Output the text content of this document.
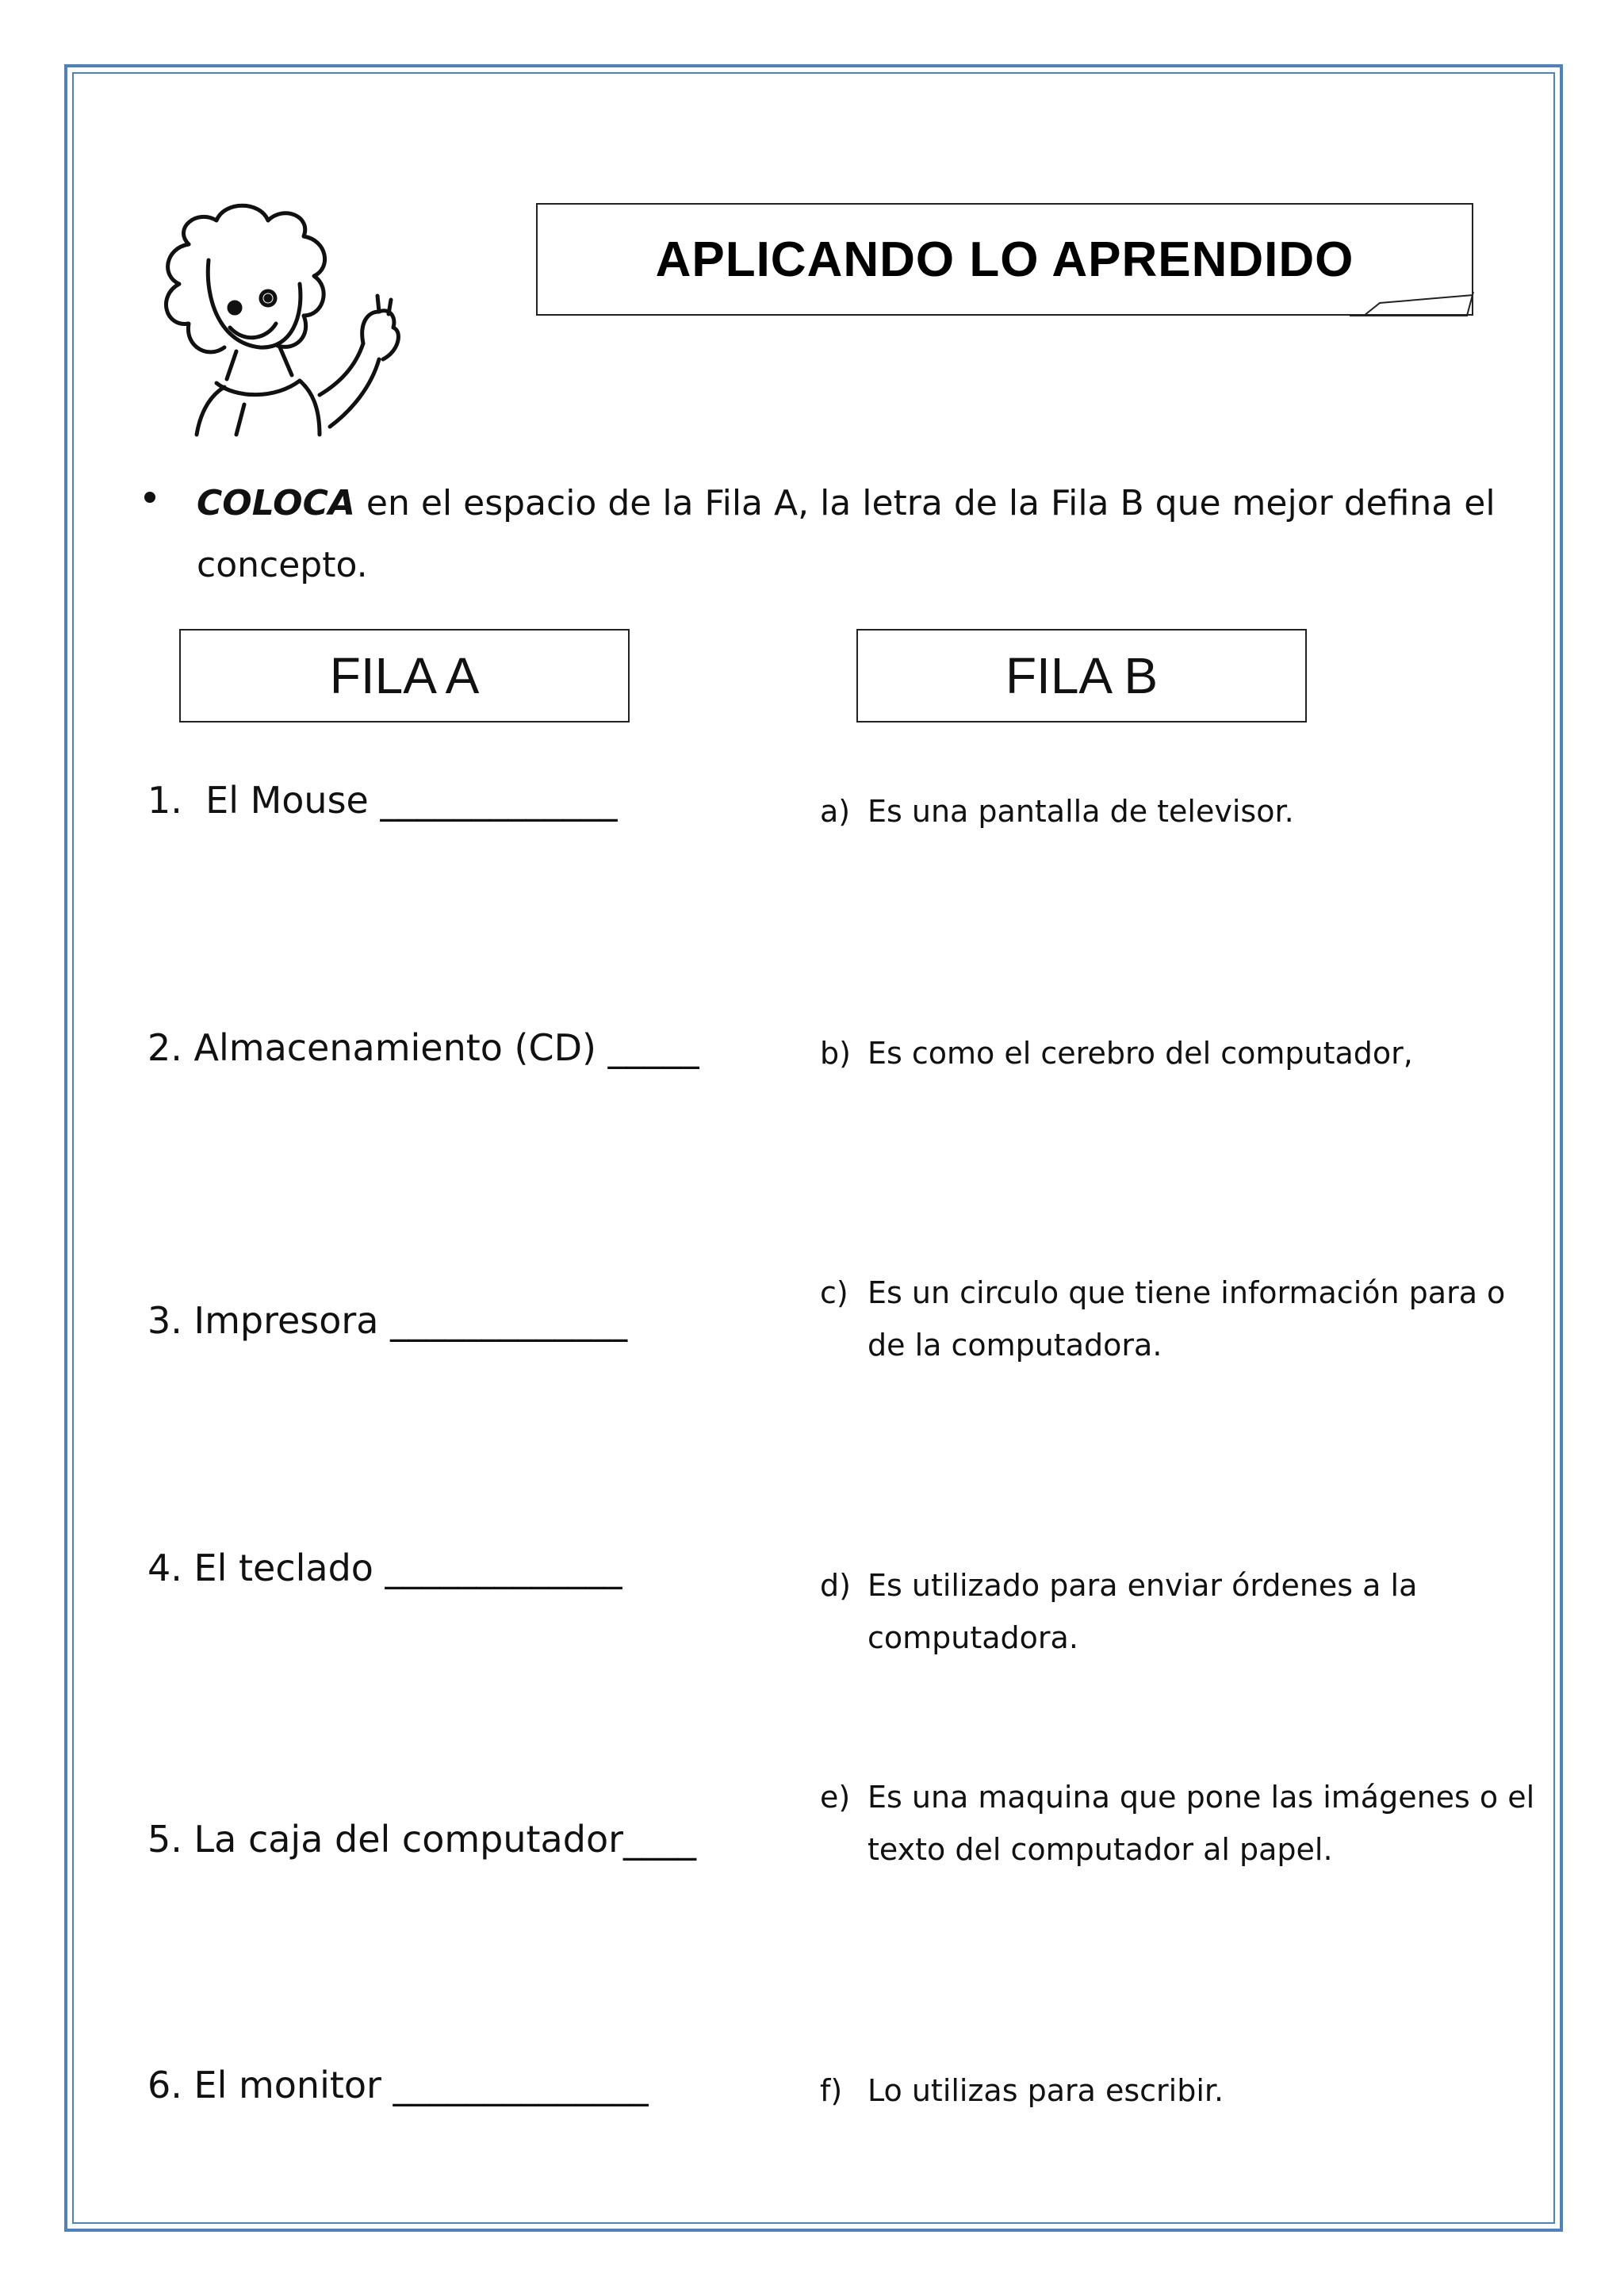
APLICANDO LO APRENDIDO
COLOCA en el espacio de la Fila A, la letra de la Fila B que mejor defina el
concepto.
FILA A	FILA B
1.  El Mouse _____________
2. Almacenamiento (CD) _____
3. Impresora _____________
4. El teclado _____________
5. La caja del computador____
6. El monitor ______________
a) Es una pantalla de televisor.
b) Es como el cerebro del computador,
c) Es un circulo que tiene información para o
de la computadora.
d) Es utilizado para enviar órdenes a la
computadora.
e) Es una maquina que pone las imágenes o el
texto del computador al papel.
f) Lo utilizas para escribir.
